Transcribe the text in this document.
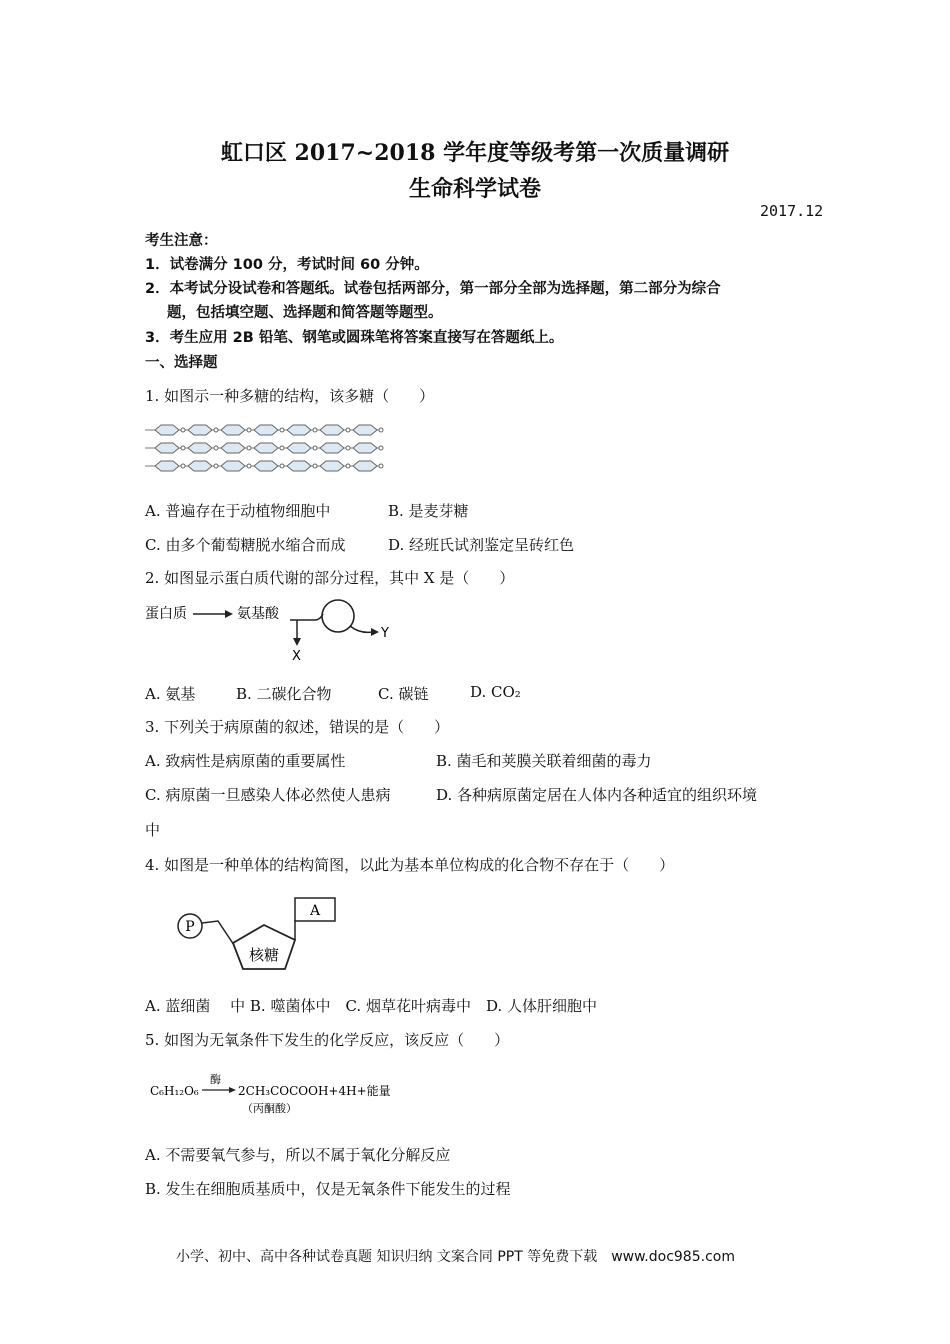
虹口区 2017~2018 学年度等级考第一次质量调研
生命科学试卷
2017.12
考生注意：
1．试卷满分 100 分，考试时间 60 分钟。
2．本考试分设试卷和答题纸。试卷包括两部分，第一部分全部为选择题，第二部分为综合
题，包括填空题、选择题和简答题等题型。
3．考生应用 2B 铅笔、钢笔或圆珠笔将答案直接写在答题纸上。
一、选择题
1. 如图示一种多糖的结构，该多糖（　　）
A. 普遍存在于动植物细胞中	B. 是麦芽糖
C. 由多个葡萄糖脱水缩合而成	D. 经班氏试剂鉴定呈砖红色
2. 如图显示蛋白质代谢的部分过程，其中 X 是（　　）
蛋白质	氨基酸
Y
X
A. 氨基	B. 二碳化合物	C. 碳链	D. CO₂
3. 下列关于病原菌的叙述，错误的是（　　）
A. 致病性是病原菌的重要属性	B. 菌毛和荚膜关联着细菌的毒力
C. 病原菌一旦感染人体必然使人患病	D. 各种病原菌定居在人体内各种适宜的组织环境
中
4. 如图是一种单体的结构简图，以此为基本单位构成的化合物不存在于（　　）
P
核糖
A
A. 蓝细菌　 中 B. 噬菌体中　C. 烟草花叶病毒中　D. 人体肝细胞中
5. 如图为无氧条件下发生的化学反应，该反应（　　）
C₆H₁₂O₆
酶
2CH₃COCOOH+4H+能量
（丙酮酸）
A. 不需要氧气参与，所以不属于氧化分解反应
B. 发生在细胞质基质中，仅是无氧条件下能发生的过程
小学、初中、高中各种试卷真题 知识归纳 文案合同 PPT 等免费下载　www.doc985.com
